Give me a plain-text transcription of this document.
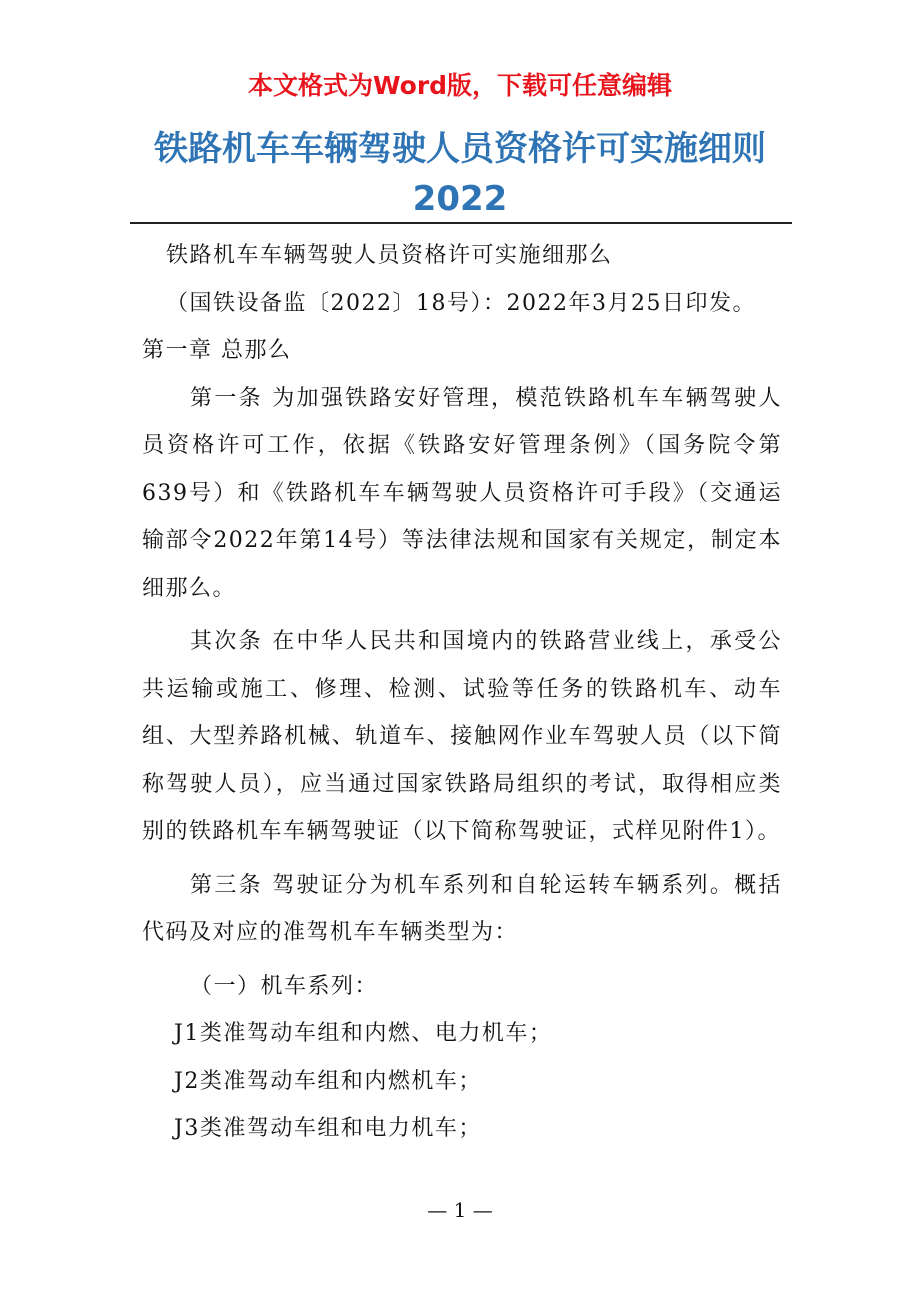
本文格式为Word版，下载可任意编辑
铁路机车车辆驾驶人员资格许可实施细则
2022

铁路机车车辆驾驶人员资格许可实施细那么

（国铁设备监〔2022〕18号）：2022年3月25日印发。

第一章 总那么

第一条 为加强铁路安好管理，模范铁路机车车辆驾驶人员资格许可工作，依据《铁路安好管理条例》（国务院令第639号）和《铁路机车车辆驾驶人员资格许可手段》（交通运输部令2022年第14号）等法律法规和国家有关规定，制定本细那么。

其次条 在中华人民共和国境内的铁路营业线上，承受公共运输或施工、修理、检测、试验等任务的铁路机车、动车组、大型养路机械、轨道车、接触网作业车驾驶人员（以下简称驾驶人员），应当通过国家铁路局组织的考试，取得相应类别的铁路机车车辆驾驶证（以下简称驾驶证，式样见附件1）。

第三条 驾驶证分为机车系列和自轮运转车辆系列。概括代码及对应的准驾机车车辆类型为：

（一）机车系列：

J1类准驾动车组和内燃、电力机车；

J2类准驾动车组和内燃机车；

J3类准驾动车组和电力机车；

— 1 —
